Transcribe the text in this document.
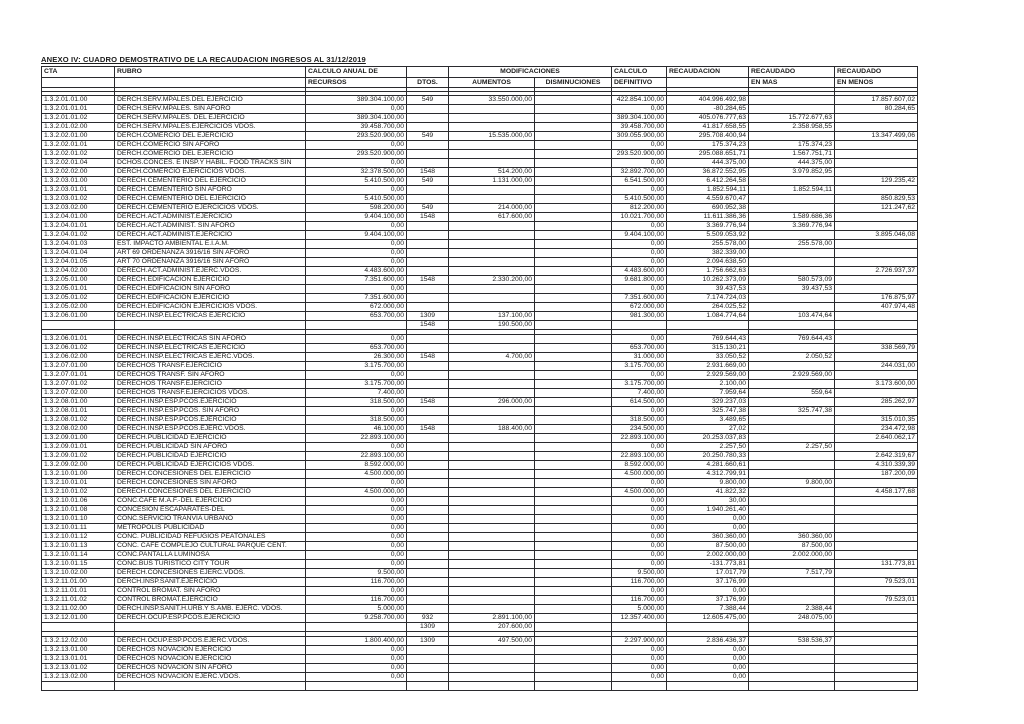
ANEXO IV: CUADRO DEMOSTRATIVO DE LA RECAUDACION INGRESOS AL 31/12/2019
CTA	RUBRO	CALCULO ANUAL DE		MODIFICACIONES		CALCULO	RECAUDACION	RECAUDADO	RECAUDADO
		RECURSOS	DTOS.	AUMENTOS	DISMINUCIONES	DEFINITIVO		EN MAS	EN MENOS

1.3.2.01.01.00	DERCH.SERV.MPALES.DEL EJERCICIO	389.304.100,00	549	33.550.000,00		422.854.100,00	404.996.492,98		17.857.607,02
1.3.2.01.01.01	DERCH.SERV.MPALES. SIN AFORO	0,00				0,00	-80.284,65		80.284,65
1.3.2.01.01.02	DERCH.SERV.MPALES. DEL EJERCICIO	389.304.100,00				389.304.100,00	405.076.777,63	15.772.677,63	
1.3.2.01.02.00	DERCH.SERV.MPALES.EJERCICIOS VDOS.	39.458.700,00				39.458.700,00	41.817.658,55	2.358.958,55	
1.3.2.02.01.00	DERCH.COMERCIO DEL EJERCICIO	293.520.900,00	549	15.535.000,00		309.055.900,00	295.708.400,94		13.347.499,06
1.3.2.02.01.01	DERCH.COMERCIO SIN AFORO	0,00				0,00	175.374,23	175.374,23	
1.3.2.02.01.02	DERCH.COMERCIO DEL EJERCICIO	293.520.900,00				293.520.900,00	295.088.651,71	1.567.751,71	
1.3.2.02.01.04	DCHOS.CONCES. E INSP.Y HABIL. FOOD TRACKS SIN	0,00				0,00	444.375,00	444.375,00	
1.3.2.02.02.00	DERCH.COMERCIO EJERCICIOS VDOS.	32.378.500,00	1548	514.200,00		32.892.700,00	36.872.552,95	3.979.852,95	
1.3.2.03.01.00	DERECH.CEMENTERIO DEL EJERCICIO	5.410.500,00	549	1.131.000,00		6.541.500,00	6.412.264,58		129.235,42
1.3.2.03.01.01	DERECH.CEMENTERIO SIN AFORO	0,00				0,00	1.852.594,11	1.852.594,11	
1.3.2.03.01.02	DERECH.CEMENTERIO DEL EJERCICIO	5.410.500,00				5.410.500,00	4.559.670,47		850.829,53
1.3.2.03.02.00	DERECH.CEMENTERIO EJERCICIOS VDOS.	598.200,00	549	214.000,00		812.200,00	690.952,38		121.247,62
1.3.2.04.01.00	DERECH.ACT.ADMINIST.EJERCICIO	9.404.100,00	1548	617.600,00		10.021.700,00	11.611.386,36	1.589.686,36	
1.3.2.04.01.01	DERECH.ACT.ADMINIST. SIN AFORO	0,00				0,00	3.369.776,94	3.369.776,94	
1.3.2.04.01.02	DERECH.ACT.ADMINIST.EJERCICIO	9.404.100,00				9.404.100,00	5.509.053,92		3.895.046,08
1.3.2.04.01.03	EST. IMPACTO AMBIENTAL E.I.A.M.	0,00				0,00	255.578,00	255.578,00	
1.3.2.04.01.04	ART 69 ORDENANZA 3916/16 SIN AFORO	0,00				0,00	382.339,00		
1.3.2.04.01.05	ART 70 ORDENANZA 3916/16 SIN AFORO	0,00				0,00	2.094.638,50		
1.3.2.04.02.00	DERECH.ACT.ADMINIST.EJERC.VDOS.	4.483.600,00				4.483.600,00	1.756.662,63		2.726.937,37
1.3.2.05.01.00	DERECH.EDIFICACION EJERCICIO	7.351.600,00	1548	2.330.200,00		9.681.800,00	10.262.373,09	580.573,09	
1.3.2.05.01.01	DERECH.EDIFICACION SIN AFORO	0,00				0,00	39.437,53	39.437,53	
1.3.2.05.01.02	DERECH.EDIFICACION EJERCICIO	7.351.600,00				7.351.600,00	7.174.724,03		176.875,97
1.3.2.05.02.00	DERECH.EDIFICACION EJERCICIOS VDOS.	672.000,00				672.000,00	264.025,52		407.974,48
1.3.2.06.01.00	DERECH.INSP.ELECTRICAS EJERCICIO	653.700,00	1309	137.100,00		981.300,00	1.084.774,64	103.474,64	
			1548	190.500,00					

1.3.2.06.01.01	DERECH.INSP.ELECTRICAS SIN AFORO	0,00				0,00	769.644,43	769.644,43	
1.3.2.06.01.02	DERECH.INSP.ELECTRICAS EJERCICIO	653.700,00				653.700,00	315.130,21		338.569,79
1.3.2.06.02.00	DERECH.INSP.ELECTRICAS EJERC.VDOS.	26.300,00	1548	4.700,00		31.000,00	33.050,52	2.050,52	
1.3.2.07.01.00	DERECHOS TRANSF.EJERCICIO	3.175.700,00				3.175.700,00	2.931.669,00		244.031,00
1.3.2.07.01.01	DERECHOS TRANSF. SIN AFORO	0,00				0,00	2.929.569,00	2.929.569,00	
1.3.2.07.01.02	DERECHOS TRANSF.EJERCICIO	3.175.700,00				3.175.700,00	2.100,00		3.173.600,00
1.3.2.07.02.00	DERECHOS TRANSF.EJERCICIOS VDOS.	7.400,00				7.400,00	7.959,64	559,64	
1.3.2.08.01.00	DERECH.INSP.ESP.PCOS.EJERCICIO	318.500,00	1548	296.000,00		614.500,00	329.237,03		285.262,97
1.3.2.08.01.01	DERECH.INSP.ESP.PCOS. SIN AFORO	0,00				0,00	325.747,38	325.747,38	
1.3.2.08.01.02	DERECH.INSP.ESP.PCOS.EJERCICIO	318.500,00				318.500,00	3.489,65		315.010,35
1.3.2.08.02.00	DERECH.INSP.ESP.PCOS.EJERC.VDOS.	46.100,00	1548	188.400,00		234.500,00	27,02		234.472,98
1.3.2.09.01.00	DERECH.PUBLICIDAD EJERCICIO	22.893.100,00				22.893.100,00	20.253.037,83		2.640.062,17
1.3.2.09.01.01	DERECH.PUBLICIDAD SIN AFORO	0,00				0,00	2.257,50	2.257,50	
1.3.2.09.01.02	DERECH.PUBLICIDAD EJERCICIO	22.893.100,00				22.893.100,00	20.250.780,33		2.642.319,67
1.3.2.09.02.00	DERECH.PUBLICIDAD EJERCICIOS VDOS.	8.592.000,00				8.592.000,00	4.281.660,61		4.310.339,39
1.3.2.10.01.00	DERECH.CONCESIONES DEL EJERCICIO	4.500.000,00				4.500.000,00	4.312.799,91		187.200,09
1.3.2.10.01.01	DERECH.CONCESIONES SIN AFORO	0,00				0,00	9.800,00	9.800,00	
1.3.2.10.01.02	DERECH.CONCESIONES DEL EJERCICIO	4.500.000,00				4.500.000,00	41.822,32		4.458.177,68
1.3.2.10.01.06	CONC.CAFE M.A.F.-DEL EJERCICIO	0,00				0,00	30,00		
1.3.2.10.01.08	CONCESION ESCAPARATES-DEL	0,00				0,00	1.940.261,40		
1.3.2.10.01.10	CONC.SERVICIO TRANVIA URBANO	0,00				0,00	0,00		
1.3.2.10.01.11	METROPOLIS PUBLICIDAD	0,00				0,00	0,00		
1.3.2.10.01.12	CONC. PUBLICIDAD REFUGIOS PEATONALES	0,00				0,00	360.360,00	360.360,00	
1.3.2.10.01.13	CONC. CAFE COMPLEJO CULTURAL PARQUE CENT.	0,00				0,00	87.500,00	87.500,00	
1.3.2.10.01.14	CONC.PANTALLA LUMINOSA	0,00				0,00	2.002.000,00	2.002.000,00	
1.3.2.10.01.15	CONC.BUS TURISTICO CITY TOUR	0,00				0,00	-131.773,81		131.773,81
1.3.2.10.02.00	DERECH.CONCESIONES EJERC.VDOS.	9.500,00				9.500,00	17.017,79	7.517,79	
1.3.2.11.01.00	DERCH.INSP.SANIT.EJERCICIO	116.700,00				116.700,00	37.176,99		79.523,01
1.3.2.11.01.01	CONTROL BROMAT. SIN AFORO	0,00				0,00	0,00		
1.3.2.11.01.02	CONTROL BROMAT.EJERCICIO	116.700,00				116.700,00	37.176,99		79.523,01
1.3.2.11.02.00	DERCH.INSP.SANIT.H.URB.Y S.AMB. EJERC. VDOS.	5.000,00				5.000,00	7.388,44	2.388,44	
1.3.2.12.01.00	DERECH.OCUP.ESP.PCOS.EJERCICIO	9.258.700,00	932	2.891.100,00		12.357.400,00	12.605.475,00	248.075,00	
			1309	207.600,00					

1.3.2.12.02.00	DERECH.OCUP.ESP.PCOS.EJERC.VDOS.	1.800.400,00	1309	497.500,00		2.297.900,00	2.836.436,37	538.536,37	
1.3.2.13.01.00	DERECHOS NOVACION EJERCICIO	0,00				0,00	0,00		
1.3.2.13.01.01	DERECHOS NOVACION EJERCICIO	0,00				0,00	0,00		
1.3.2.13.01.02	DERECHOS NOVACION SIN AFORO	0,00				0,00	0,00		
1.3.2.13.02.00	DERECHOS NOVACION EJERC.VDOS.	0,00				0,00	0,00		
